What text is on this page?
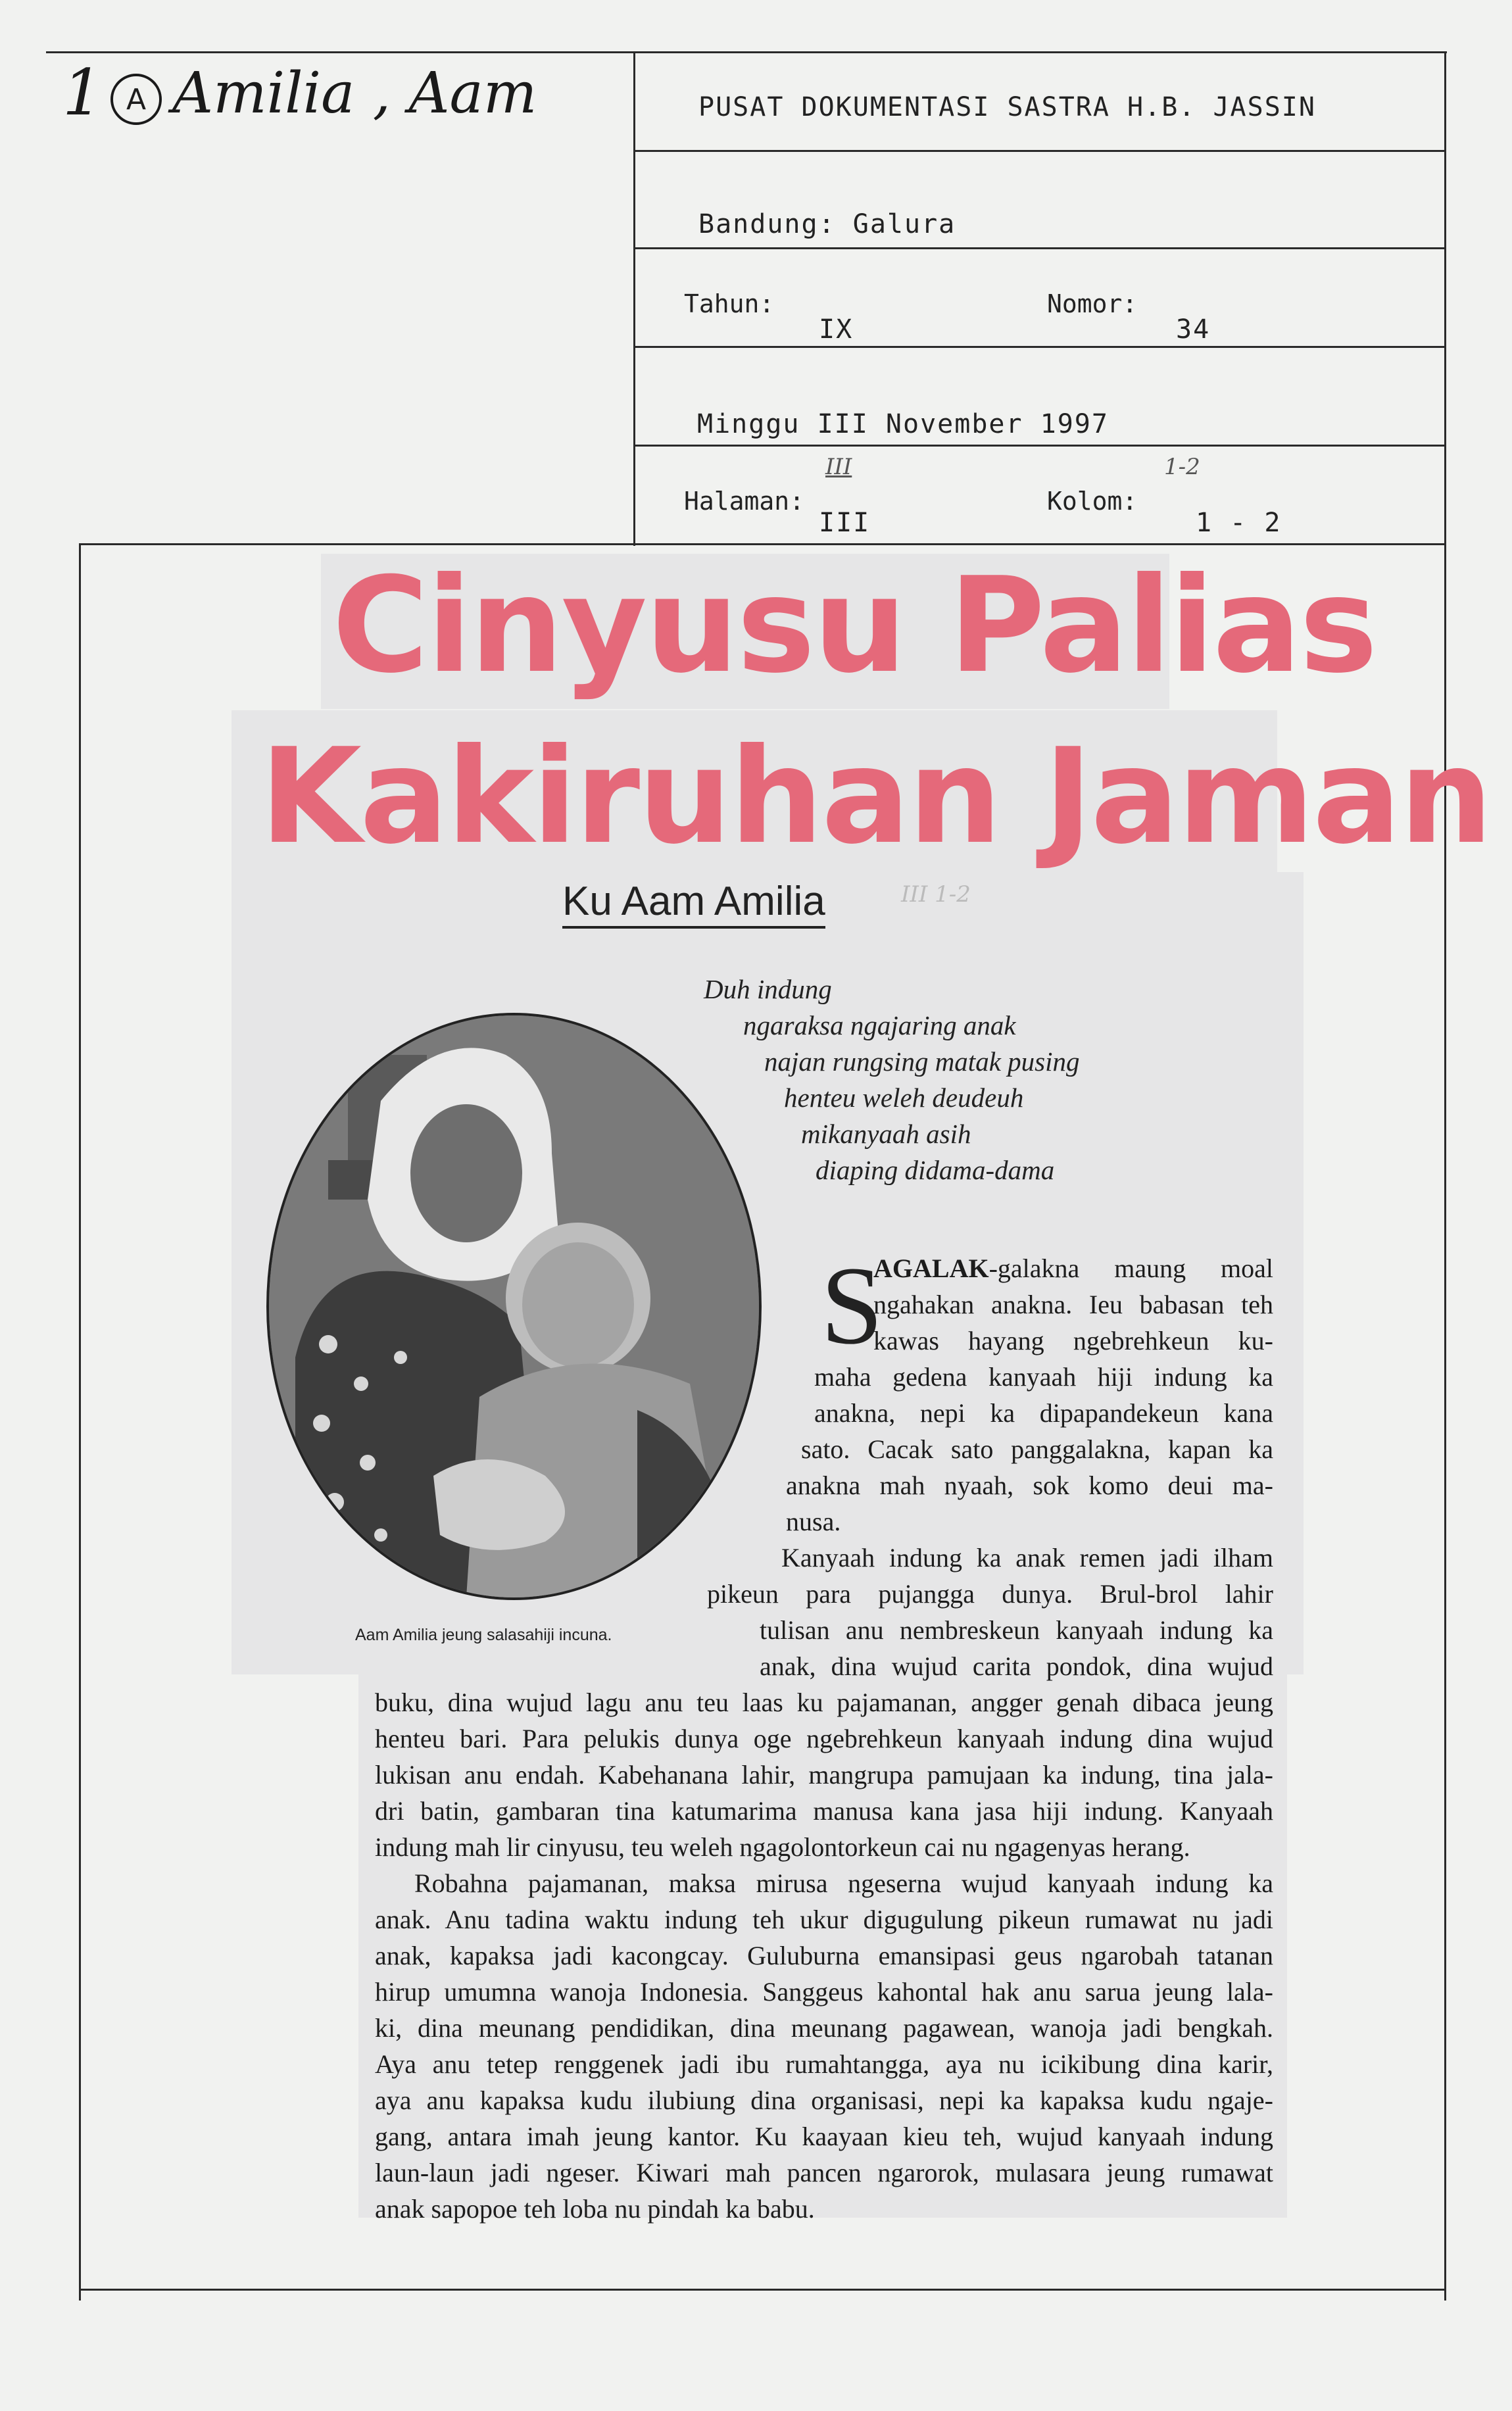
1 A Amilia , Aam	PUSAT DOKUMENTASI SASTRA H.B. JASSIN
Bandung: Galura
Tahun:
IX
Nomor:
34
Minggu III November 1997
III	1-2
Halaman:
III
Kolom:
1 - 2
Cinyusu Palias
Kakiruhan Jaman
Ku Aam Amilia	III 1-2
Duh indung
ngaraksa ngajaring anak
najan rungsing matak pusing
henteu weleh deudeuh
mikanyaah asih
diaping didama-dama
Aam Amilia jeung salasahiji incuna.
S
AGALAK-galakna maung moal
ngahakan anakna. Ieu babasan teh
kawas hayang ngebrehkeun ku-
maha gedena kanyaah hiji indung ka
anakna, nepi ka dipapandekeun kana
sato. Cacak sato panggalakna, kapan ka
anakna mah nyaah, sok komo deui ma-
nusa.
Kanyaah indung ka anak remen jadi ilham
pikeun para pujangga dunya. Brul-brol lahir
tulisan anu nembreskeun kanyaah indung ka
anak, dina wujud carita pondok, dina wujud
buku, dina wujud lagu anu teu laas ku pajamanan, angger genah dibaca jeung
henteu bari. Para pelukis dunya oge ngebrehkeun kanyaah indung dina wujud
lukisan anu endah. Kabehanana lahir, mangrupa pamujaan ka indung, tina jala-
dri batin, gambaran tina katumarima manusa kana jasa hiji indung. Kanyaah
indung mah lir cinyusu, teu weleh ngagolontorkeun cai nu ngagenyas herang.
Robahna pajamanan, maksa mirusa ngeserna wujud kanyaah indung ka
anak. Anu tadina waktu indung teh ukur digugulung pikeun rumawat nu jadi
anak, kapaksa jadi kacongcay. Guluburna emansipasi geus ngarobah tatanan
hirup umumna wanoja Indonesia. Sanggeus kahontal hak anu sarua jeung lala-
ki, dina meunang pendidikan, dina meunang pagawean, wanoja jadi bengkah.
Aya anu tetep renggenek jadi ibu rumahtangga, aya nu icikibung dina karir,
aya anu kapaksa kudu ilubiung dina organisasi, nepi ka kapaksa kudu ngaje-
gang, antara imah jeung kantor. Ku kaayaan kieu teh, wujud kanyaah indung
laun-laun jadi ngeser. Kiwari mah pancen ngarorok, mulasara jeung rumawat
anak sapopoe teh loba nu pindah ka babu.
